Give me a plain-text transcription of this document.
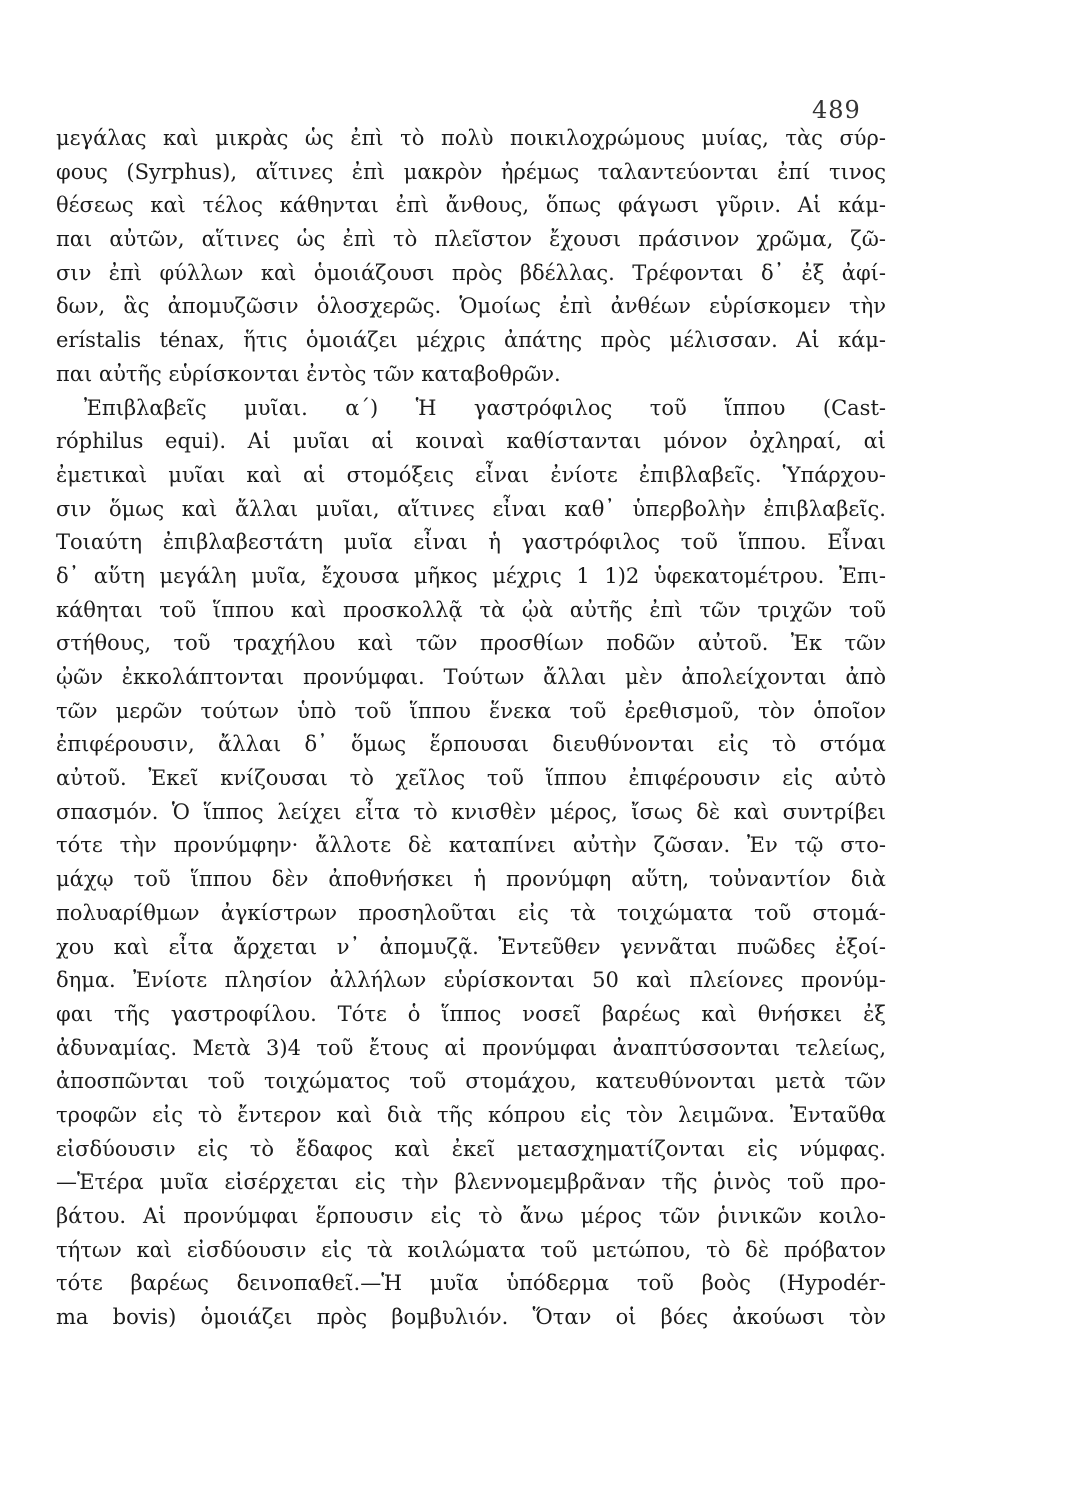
489
μεγάλας καὶ μικρὰς ὡς ἐπὶ τὸ πολὺ ποικιλοχρώμους μυίας, τὰς σύρ-
φους (Syrphus), αἵτινες ἐπὶ μακρὸν ἠρέμως ταλαντεύονται ἐπί τινος
θέσεως καὶ τέλος κάθηνται ἐπὶ ἄνθους, ὅπως φάγωσι γῦριν. Αἱ κάμ-
παι αὐτῶν, αἵτινες ὡς ἐπὶ τὸ πλεῖστον ἔχουσι πράσινον χρῶμα, ζῶ-
σιν ἐπὶ φύλλων καὶ ὁμοιάζουσι πρὸς βδέλλας. Τρέφονται δ᾿ ἐξ ἀφί-
δων, ἃς ἀπομυζῶσιν ὁλοσχερῶς. Ὁμοίως ἐπὶ ἀνθέων εὑρίσκομεν τὴν
erístalis ténax, ἥτις ὁμοιάζει μέχρις ἀπάτης πρὸς μέλισσαν. Αἱ κάμ-
παι αὐτῆς εὑρίσκονται ἐντὸς τῶν καταβοθρῶν.
Ἐπιβλαβεῖς μυῖαι. α΄) Ἡ γαστρόφιλος τοῦ ἵππου (Cast-
róphilus equi). Αἱ μυῖαι αἱ κοιναὶ καθίστανται μόνον ὀχληραί, αἱ
ἐμετικαὶ μυῖαι καὶ αἱ στομόξεις εἶναι ἐνίοτε ἐπιβλαβεῖς. Ὑπάρχου-
σιν ὅμως καὶ ἄλλαι μυῖαι, αἵτινες εἶναι καθ᾿ ὑπερβολὴν ἐπιβλαβεῖς.
Τοιαύτη ἐπιβλαβεστάτη μυῖα εἶναι ἡ γαστρόφιλος τοῦ ἵππου. Εἶναι
δ᾿ αὕτη μεγάλη μυῖα, ἔχουσα μῆκος μέχρις 1 1)2 ὑφεκατομέτρου. Ἐπι-
κάθηται τοῦ ἵππου καὶ προσκολλᾷ τὰ ᾠὰ αὐτῆς ἐπὶ τῶν τριχῶν τοῦ
στήθους, τοῦ τραχήλου καὶ τῶν προσθίων ποδῶν αὐτοῦ. Ἐκ τῶν
ᾠῶν ἐκκολάπτονται προνύμφαι. Τούτων ἄλλαι μὲν ἀπολείχονται ἀπὸ
τῶν μερῶν τούτων ὑπὸ τοῦ ἵππου ἕνεκα τοῦ ἐρεθισμοῦ, τὸν ὁποῖον
ἐπιφέρουσιν, ἄλλαι δ᾿ ὅμως ἕρπουσαι διευθύνονται εἰς τὸ στόμα
αὐτοῦ. Ἐκεῖ κνίζουσαι τὸ χεῖλος τοῦ ἵππου ἐπιφέρουσιν εἰς αὐτὸ
σπασμόν. Ὁ ἵππος λείχει εἶτα τὸ κνισθὲν μέρος, ἴσως δὲ καὶ συντρίβει
τότε τὴν προνύμφην· ἄλλοτε δὲ καταπίνει αὐτὴν ζῶσαν. Ἐν τῷ στο-
μάχῳ τοῦ ἵππου δὲν ἀποθνήσκει ἡ προνύμφη αὕτη, τοὐναντίον διὰ
πολυαρίθμων ἀγκίστρων προσηλοῦται εἰς τὰ τοιχώματα τοῦ στομά-
χου καὶ εἶτα ἄρχεται ν᾿ ἀπομυζᾷ. Ἐντεῦθεν γεννᾶται πυῶδες ἐξοί-
δημα. Ἐνίοτε πλησίον ἀλλήλων εὑρίσκονται 50 καὶ πλείονες προνύμ-
φαι τῆς γαστροφίλου. Τότε ὁ ἵππος νοσεῖ βαρέως καὶ θνήσκει ἐξ
ἀδυναμίας. Μετὰ 3)4 τοῦ ἔτους αἱ προνύμφαι ἀναπτύσσονται τελείως,
ἀποσπῶνται τοῦ τοιχώματος τοῦ στομάχου, κατευθύνονται μετὰ τῶν
τροφῶν εἰς τὸ ἔντερον καὶ διὰ τῆς κόπρου εἰς τὸν λειμῶνα. Ἐνταῦθα
εἰσδύουσιν εἰς τὸ ἔδαφος καὶ ἐκεῖ μετασχηματίζονται εἰς νύμφας.
—Ἑτέρα μυῖα εἰσέρχεται εἰς τὴν βλεννομεμβρᾶναν τῆς ῥινὸς τοῦ προ-
βάτου. Αἱ προνύμφαι ἕρπουσιν εἰς τὸ ἄνω μέρος τῶν ῥινικῶν κοιλο-
τήτων καὶ εἰσδύουσιν εἰς τὰ κοιλώματα τοῦ μετώπου, τὸ δὲ πρόβατον
τότε βαρέως δεινοπαθεῖ.—Ἡ μυῖα ὑπόδερμα τοῦ βοὸς (Hypodér-
ma bovis) ὁμοιάζει πρὸς βομβυλιόν. Ὅταν οἱ βόες ἀκούωσι τὸν
